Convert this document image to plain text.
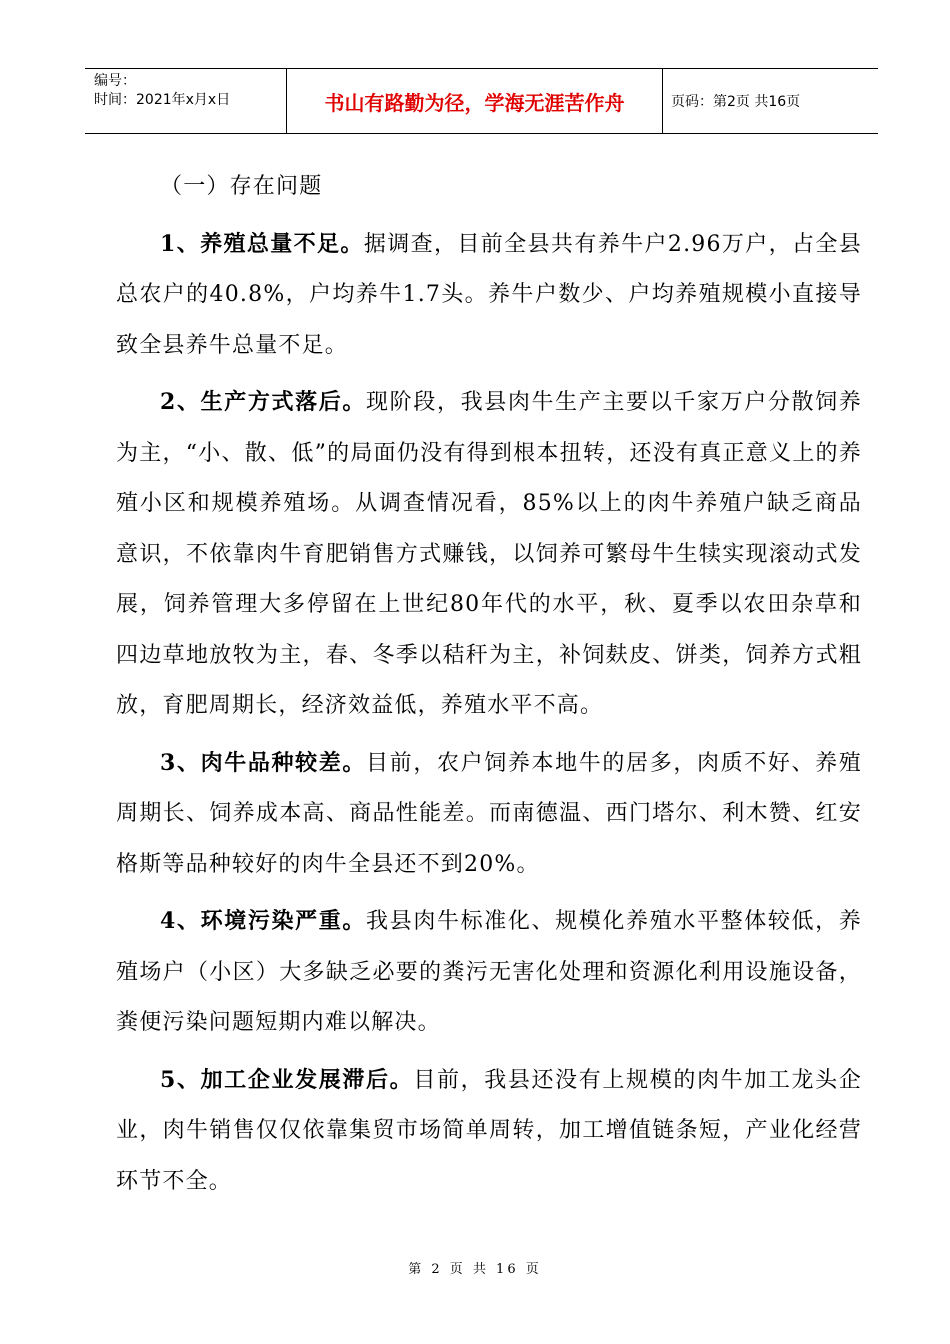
编号：
时间：2021年x月x日	书山有路勤为径，学海无涯苦作舟	页码：第2页 共16页

（一）存在问题

1、养殖总量不足。据调查，目前全县共有养牛户2.96万户，占全县总农户的40.8%，户均养牛1.7头。养牛户数少、户均养殖规模小直接导致全县养牛总量不足。

2、生产方式落后。现阶段，我县肉牛生产主要以千家万户分散饲养为主，“小、散、低”的局面仍没有得到根本扭转，还没有真正意义上的养殖小区和规模养殖场。从调查情况看，85%以上的肉牛养殖户缺乏商品意识，不依靠肉牛育肥销售方式赚钱，以饲养可繁母牛生犊实现滚动式发展，饲养管理大多停留在上世纪80年代的水平，秋、夏季以农田杂草和四边草地放牧为主，春、冬季以秸秆为主，补饲麸皮、饼类，饲养方式粗放，育肥周期长，经济效益低，养殖水平不高。

3、肉牛品种较差。目前，农户饲养本地牛的居多，肉质不好、养殖周期长、饲养成本高、商品性能差。而南德温、西门塔尔、利木赞、红安格斯等品种较好的肉牛全县还不到20%。

4、环境污染严重。我县肉牛标准化、规模化养殖水平整体较低，养殖场户（小区）大多缺乏必要的粪污无害化处理和资源化利用设施设备，粪便污染问题短期内难以解决。

5、加工企业发展滞后。目前，我县还没有上规模的肉牛加工龙头企业，肉牛销售仅仅依靠集贸市场简单周转，加工增值链条短，产业化经营环节不全。

第 2 页 共 16 页
